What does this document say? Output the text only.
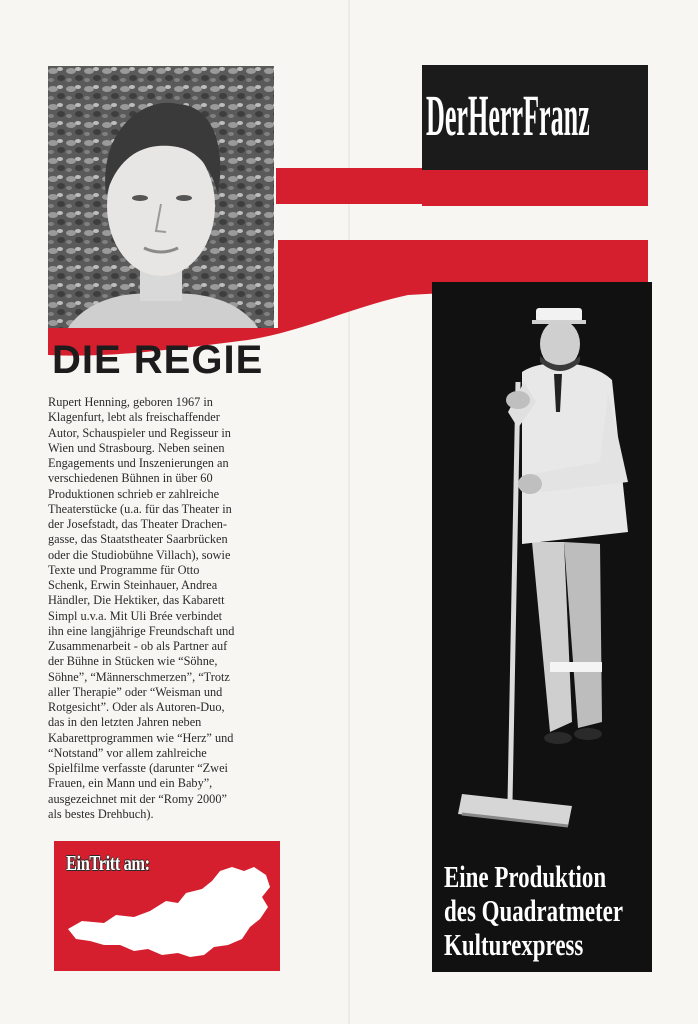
DIE REGIE
Rupert Henning, geboren 1967 in
Klagenfurt, lebt als freischaffender
Autor, Schauspieler und Regisseur in
Wien und Strasbourg. Neben seinen
Engagements und Inszenierungen an
verschiedenen Bühnen in über 60
Produktionen schrieb er zahlreiche
Theaterstücke (u.a. für das Theater in
der Josefstadt, das Theater Drachen-
gasse, das Staatstheater Saarbrücken
oder die Studiobühne Villach), sowie
Texte und Programme für Otto
Schenk, Erwin Steinhauer, Andrea
Händler, Die Hektiker, das Kabarett
Simpl u.v.a. Mit Uli Brée verbindet
ihn eine langjährige Freundschaft und
Zusammenarbeit - ob als Partner auf
der Bühne in Stücken wie “Söhne,
Söhne”, “Männerschmerzen”, “Trotz
aller Therapie” oder “Weisman und
Rotgesicht”. Oder als Autoren-Duo,
das in den letzten Jahren neben
Kabarettprogrammen wie “Herz” und
“Notstand” vor allem zahlreiche
Spielfilme verfasste (darunter “Zwei
Frauen, ein Mann und ein Baby”,
ausgezeichnet mit der “Romy 2000”
als bestes Drehbuch).
EinTritt am:
DerHerrFranz
Eine Produktion
des Quadratmeter
Kulturexpress
